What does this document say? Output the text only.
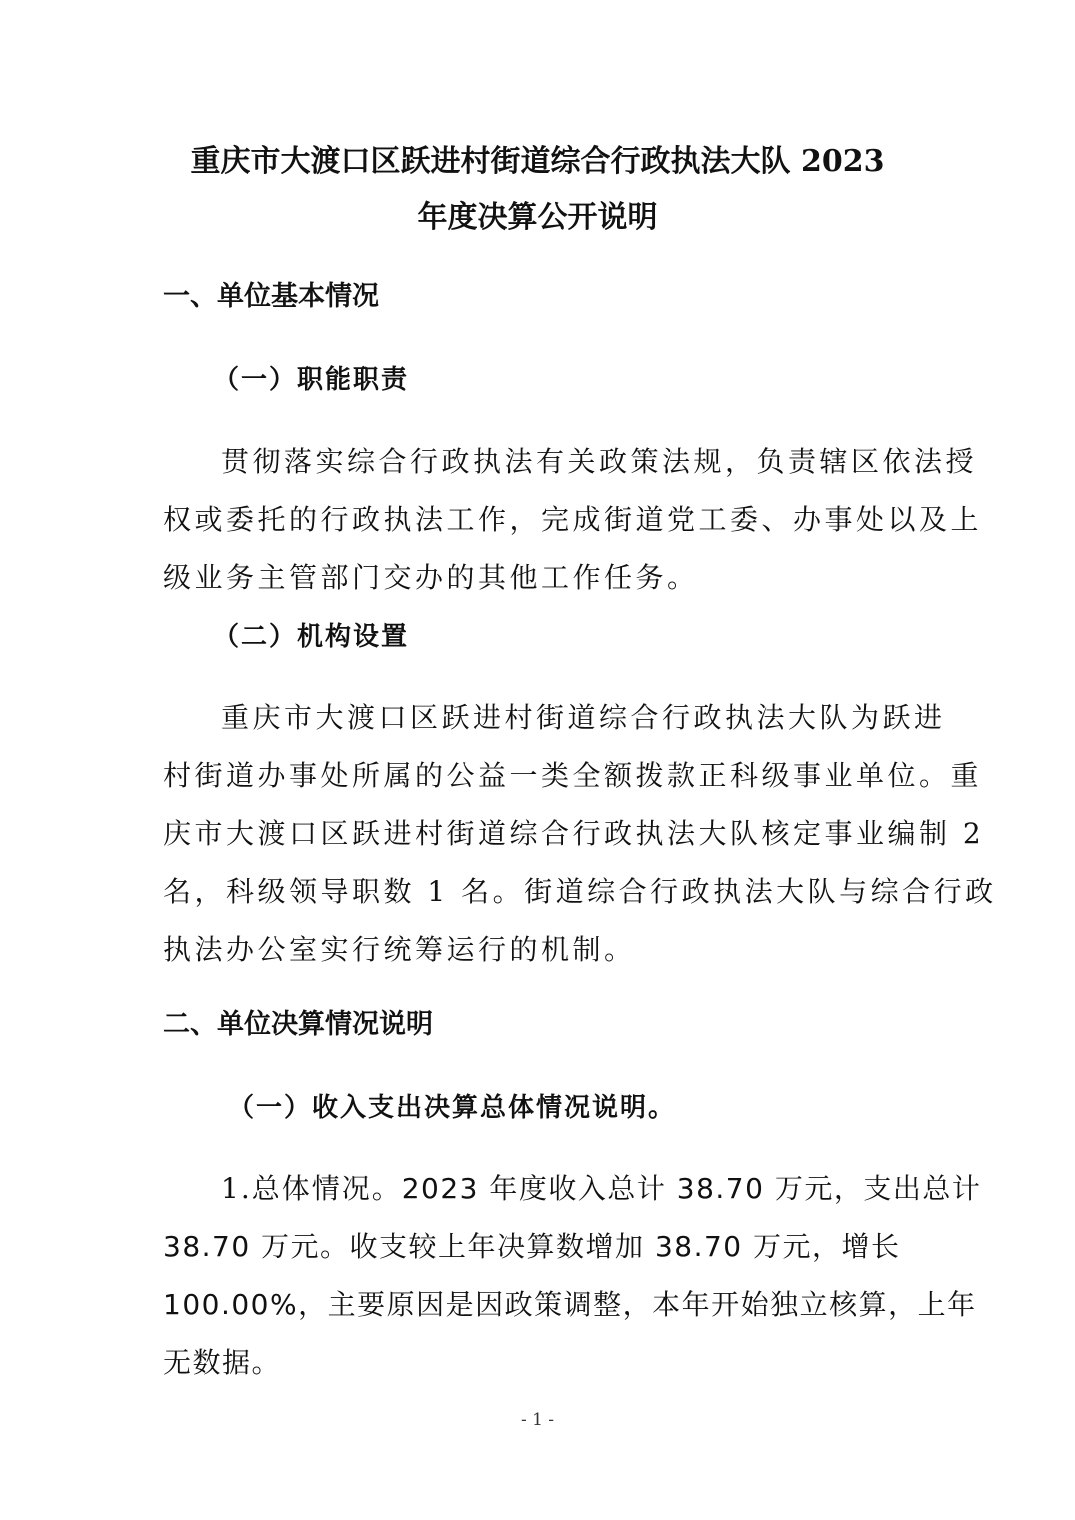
重庆市大渡口区跃进村街道综合行政执法大队 2023
年度决算公开说明
一、单位基本情况
（一）职能职责
贯彻落实综合行政执法有关政策法规，负责辖区依法授
权或委托的行政执法工作，完成街道党工委、办事处以及上
级业务主管部门交办的其他工作任务。
（二）机构设置
重庆市大渡口区跃进村街道综合行政执法大队为跃进
村街道办事处所属的公益一类全额拨款正科级事业单位。重
庆市大渡口区跃进村街道综合行政执法大队核定事业编制 2
名，科级领导职数 1 名。街道综合行政执法大队与综合行政
执法办公室实行统筹运行的机制。
二、单位决算情况说明
（一）收入支出决算总体情况说明。
1.总体情况。2023 年度收入总计 38.70 万元，支出总计
38.70 万元。收支较上年决算数增加 38.70 万元，增长
100.00%，主要原因是因政策调整，本年开始独立核算，上年
无数据。
- 1 -
